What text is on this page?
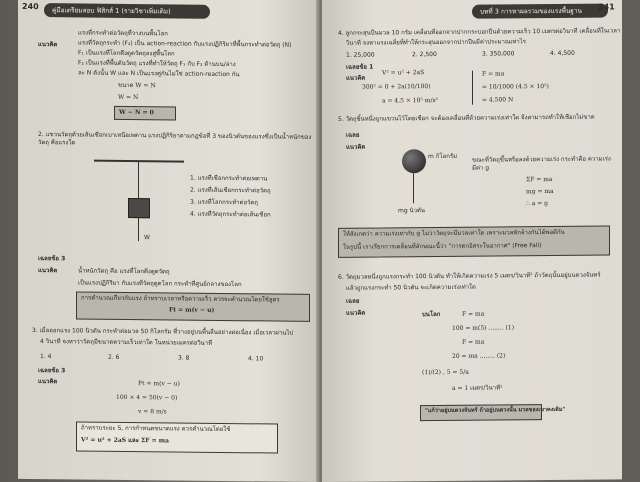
240	คู่มือเตรียมสอบ ฟิสิกส์ 1 (รายวิชาเพิ่มเติม)
แนวคิด
แรงที่กระทำต่อวัตถุที่วางบนพื้นโลก
แรงที่วัตถุกระทำ (F₂) เป็น action-reaction กับแรงปฏิกิริยาที่พื้นกระทำต่อวัตถุ (N)
F₁ เป็นแรงที่โลกดึงดูดวัตถุลงสู่พื้นโลก
F₂ เป็นแรงที่พื้นดันวัตถุ แรงที่ทำให้วัตถุ F₁ กับ F₂ ด้านบน/ล่าง
ละ N ดังนั้น W และ N เป็นแรงคู่กันไม่ใช่ action-reaction กัน
ขนาด W = N
W = N
W − N = 0
2. แขวนวัตถุด้วยเส้นเชือกเบาเหนือเพดาน แรงปฏิกิริยาตามกฎข้อที่ 3 ของนิวตันของแรงซึ่งเป็นน้ำหนักของวัตถุ คือแรงใด
W
1. แรงที่เชือกกระทำต่อเพดาน
2. แรงที่เส้นเชือกกระทำต่อวัตถุ
3. แรงที่โลกกระทำต่อวัตถุ
4. แรงที่วัตถุกระทำต่อเส้นเชือก
เฉลยข้อ 3
แนวคิด	น้ำหนักวัตถุ คือ แรงที่โลกดึงดูดวัตถุ
เป็นแรงปฏิกิริยา กับแรงที่วัตถุดูดโลก กระทำที่ศูนย์กลางของโลก
การคำนวณเกี่ยวกับแรง ถ้าทราบเวลาหรือความเร็ว ควรจะคำนวณโดยใช้สูตร
Ft = m(v − u)
3. เมื่อออกแรง 100 นิวตัน กระทำต่อมวล 50 กิโลกรัม ที่วางอยู่บนพื้นลื่นอย่างต่อเนื่อง เมื่อเวลาผ่านไป
4 วินาที จงหาว่าวัตถุมีขนาดความเร็วเท่าใด ในหน่วยเมตรต่อวินาที
1. 4	2. 6	3. 8	4. 10
เฉลยข้อ 3
แนวคิด	Ft = m(v − u)
100 × 4 = 50(v − 0)
v = 8 m/s
ถ้าทราบระยะ S, การกำหนดขนาดแรง ควรคำนวณโดยใช้
V² = u² + 2aS และ ΣF = ma
บทที่ 3 การหาผลรวมของแรงพื้นฐาน	241
4. ลูกกระสุนปืนมวล 10 กรัม เคลื่อนที่ออกจากปากกระบอกปืนด้วยความเร็ว 10 เมตรต่อวินาที เคลื่อนที่ในเวลา
วินาที จงหาแรงเฉลี่ยที่ทำให้กระสุนออกจากปากปืนมีค่าประมาณเท่าไร
1. 25,000	2. 2,500	3. 350,000	4. 4,500
เฉลยข้อ 1
แนวคิด
V² = u² + 2aS
300² = 0 + 2a(10/100)
a = 4.5 × 10⁵ m/s²
F = ma
= 10/1000 (4.5 × 10⁵)
= 4,500 N
5. วัตถุชิ้นหนึ่งถูกแขวนไว้โดยเชือก จะต้องเคลื่อนที่ด้วยความเร่งเท่าใด จึงสามารถทำให้เชือกไม่ขาด
เฉลย
แนวคิด
m กิโลกรัม
mg นิวตัน
ขณะที่วัตถุขึ้นหรือลงด้วยความเร่ง กระทำคือ ความเร่งมีค่า g
ΣF = ma
mg = ma
∴ a = g
ให้สังเกตว่า ความเร่งเท่ากับ g ไม่ว่าวัตถุจะมีมวลเท่าใด เพราะมวลหักล้างกันได้พอดีกัน
ในรูปนี้ เราเรียกการเคลื่อนที่ลักษณะนี้ว่า "การตกอิสระในอากาศ" (Free Fall)
6. วัตถุมวลหนึ่งถูกแรงกระทำ 100 นิวตัน ทำให้เกิดความเร่ง 5 เมตร/วินาที² ถ้าวัตถุนั้นอยู่บนดวงจันทร์
แล้วถูกแรงกระทำ 50 นิวตัน จะเกิดความเร่งเท่าใด
เฉลย
แนวคิด	บนโลก	F = ma
100 = m(5) ........ (1)
F = ma
20 = ma ........ (2)
(1)/(2) , 5 = 5/a
a = 1 เมตร/วินาที²
"แก้ว่าอยู่บนดวงจันทร์ ถ้าอยู่บนดวงนั้น มวลของเขาคงเดิม"
